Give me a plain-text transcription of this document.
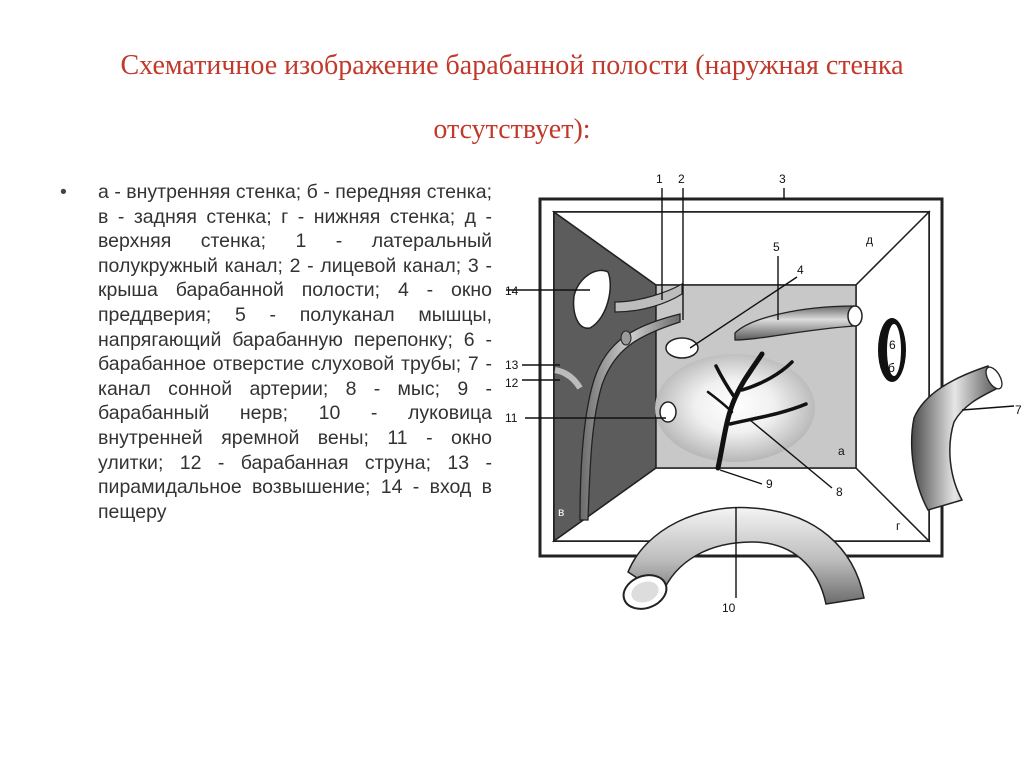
Схематичное изображение барабанной полости (наружная стенка отсутствует):
• а - внутренняя стенка; б - передняя стенка; в - задняя стенка; г - нижняя стенка; д - верхняя стенка; 1 - латеральный полукружный канал; 2 - лицевой канал; 3 - крыша барабанной полости; 4 - окно преддверия; 5 - полуканал мышцы, напрягающий барабанную перепонку; 6 - барабанное отверстие слуховой трубы; 7 - канал сонной артерии; 8 - мыс; 9 - барабанный нерв; 10 - луковица внутренней яремной вены; 11 - окно улитки; 12 - барабанная струна; 13 - пирамидальное возвышение; 14 - вход в пещеру
1 2	3
4
5
6
7
8
9
10
11
12
13
14
а
б
в
г
д
